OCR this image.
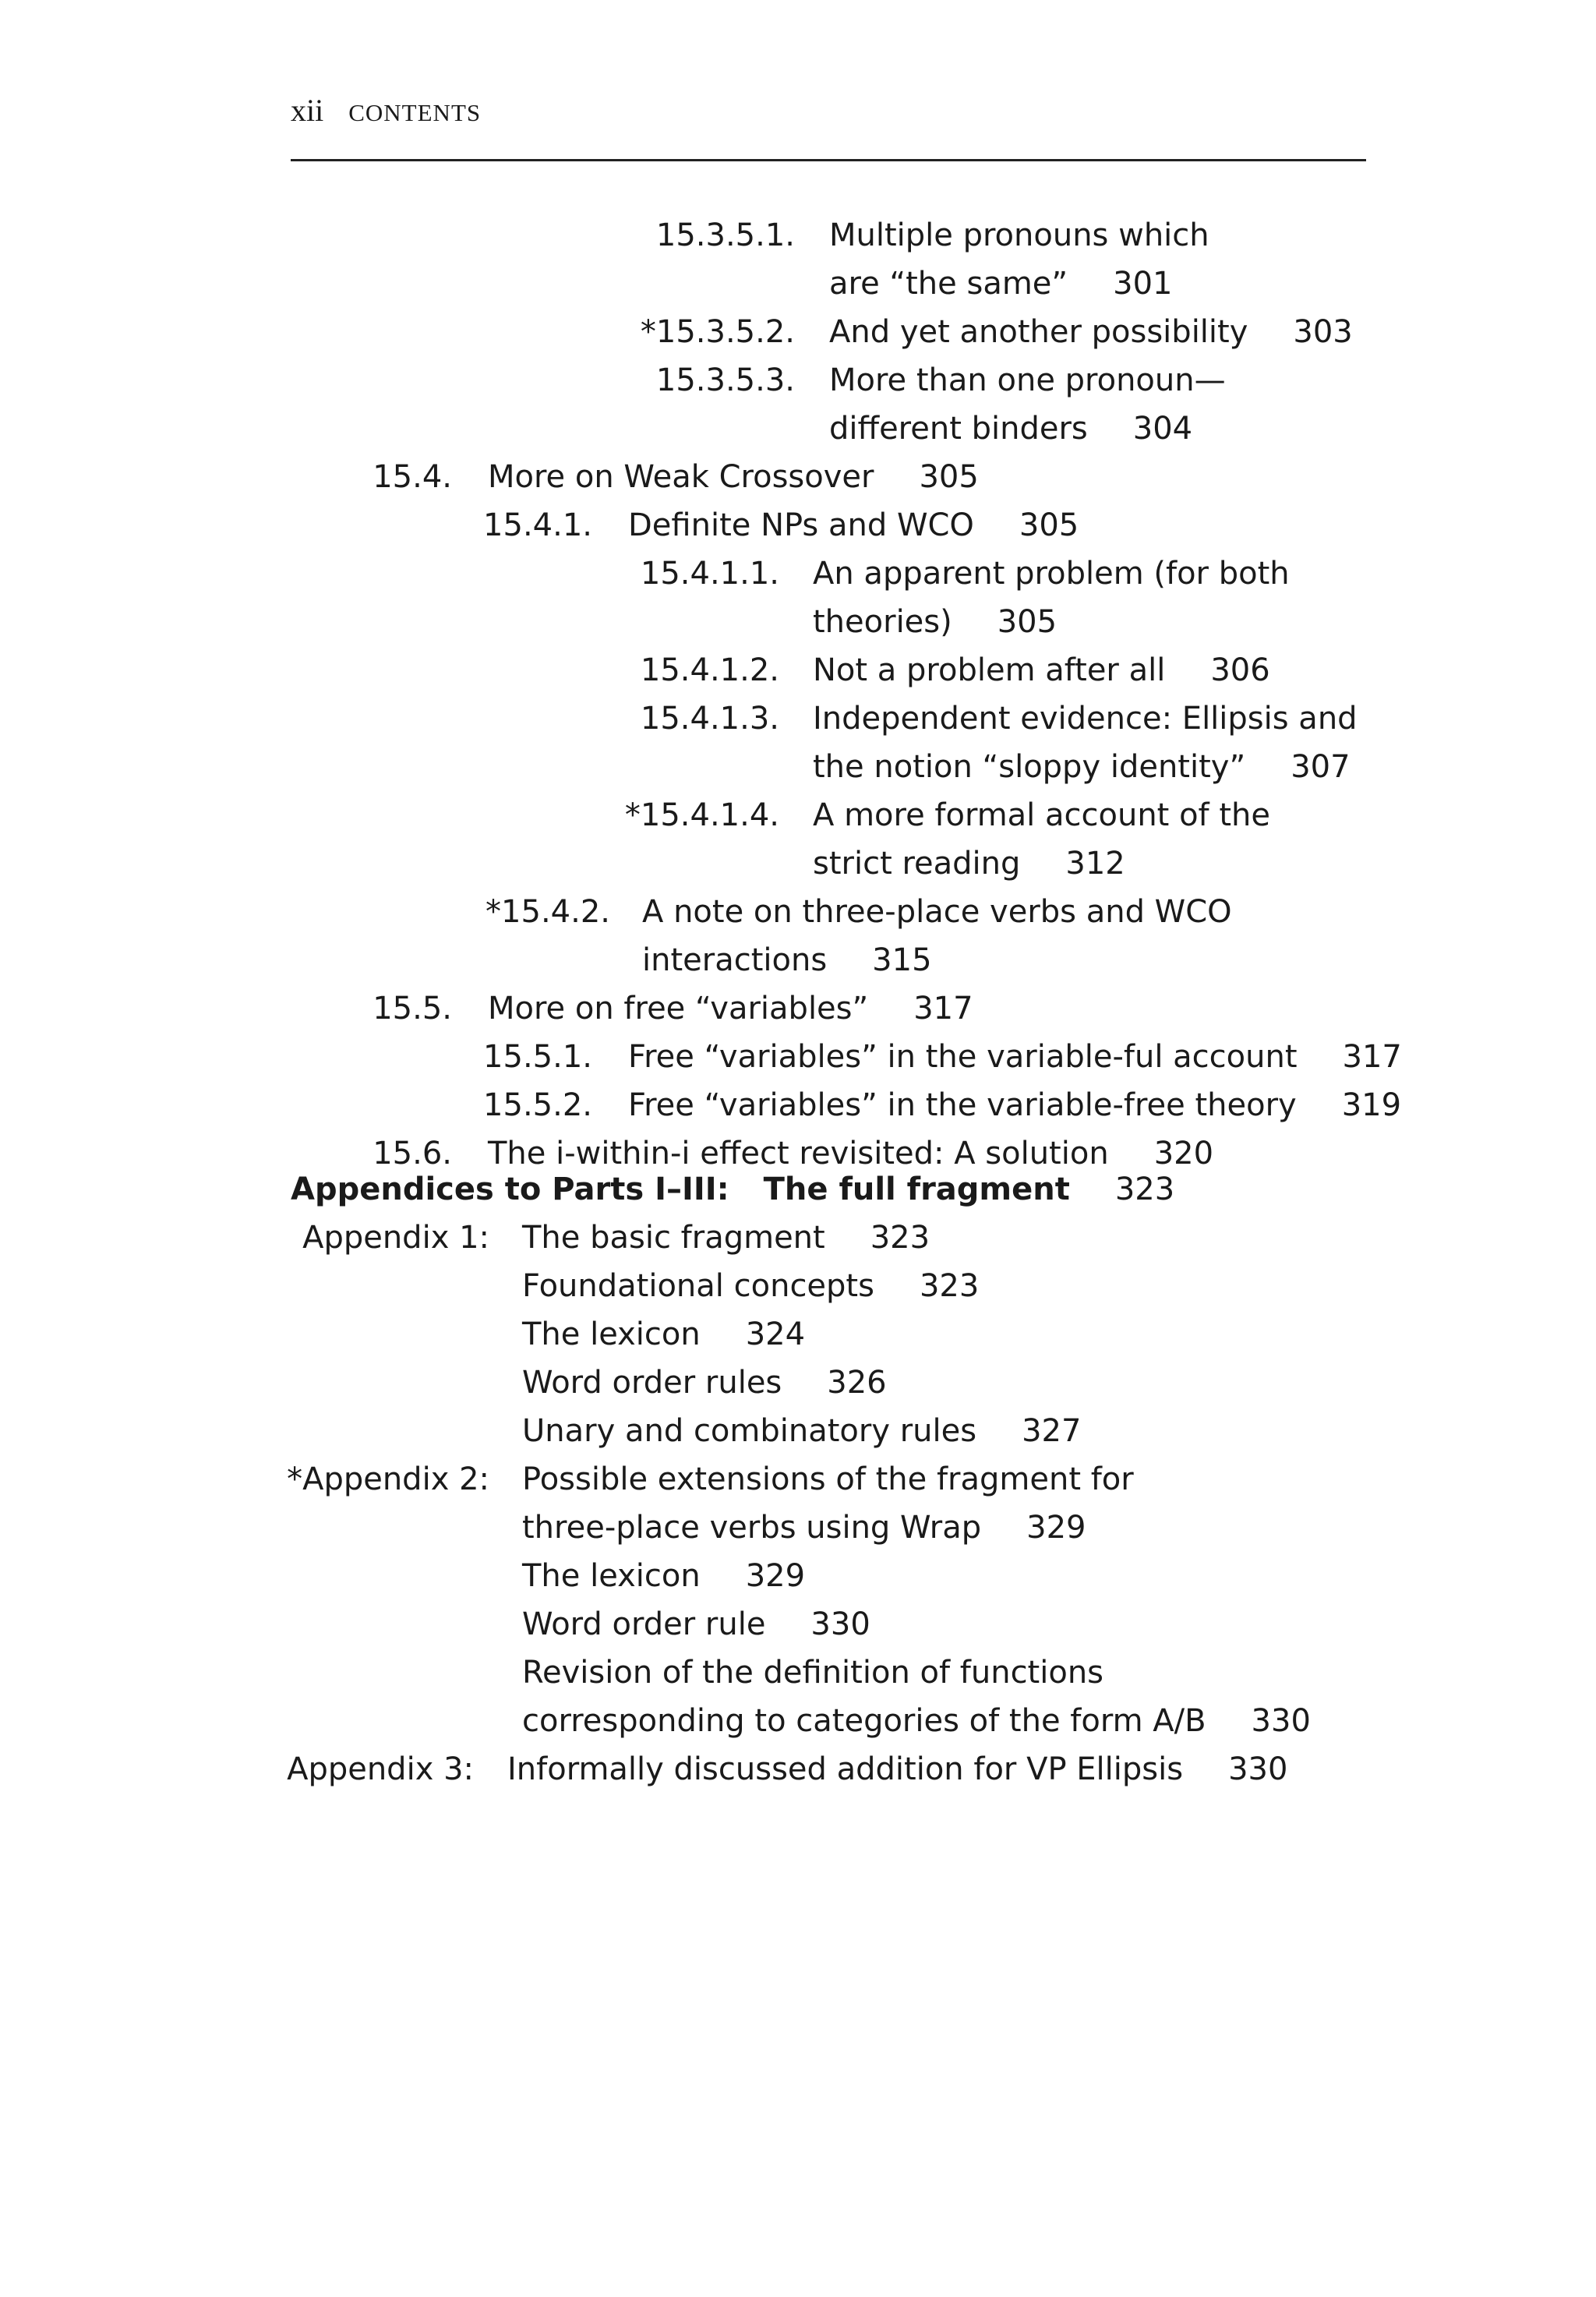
xii CONTENTS
15.3.5.1. Multiple pronouns which
are “the same” 301
*15.3.5.2. And yet another possibility 303
15.3.5.3. More than one pronoun—
different binders 304
15.4. More on Weak Crossover 305
15.4.1. Definite NPs and WCO 305
15.4.1.1. An apparent problem (for both
theories) 305
15.4.1.2. Not a problem after all 306
15.4.1.3. Independent evidence: Ellipsis and
the notion “sloppy identity” 307
*15.4.1.4. A more formal account of the
strict reading 312
*15.4.2. A note on three-place verbs and WCO
interactions 315
15.5. More on free “variables” 317
15.5.1. Free “variables” in the variable-ful account 317
15.5.2. Free “variables” in the variable-free theory 319
15.6. The i-within-i effect revisited: A solution 320
Appendices to Parts I–III: The full fragment 323
Appendix 1: The basic fragment 323
Foundational concepts 323
The lexicon 324
Word order rules 326
Unary and combinatory rules 327
*Appendix 2: Possible extensions of the fragment for
three-place verbs using Wrap 329
The lexicon 329
Word order rule 330
Revision of the definition of functions
corresponding to categories of the form A/B 330
Appendix 3: Informally discussed addition for VP Ellipsis 330
